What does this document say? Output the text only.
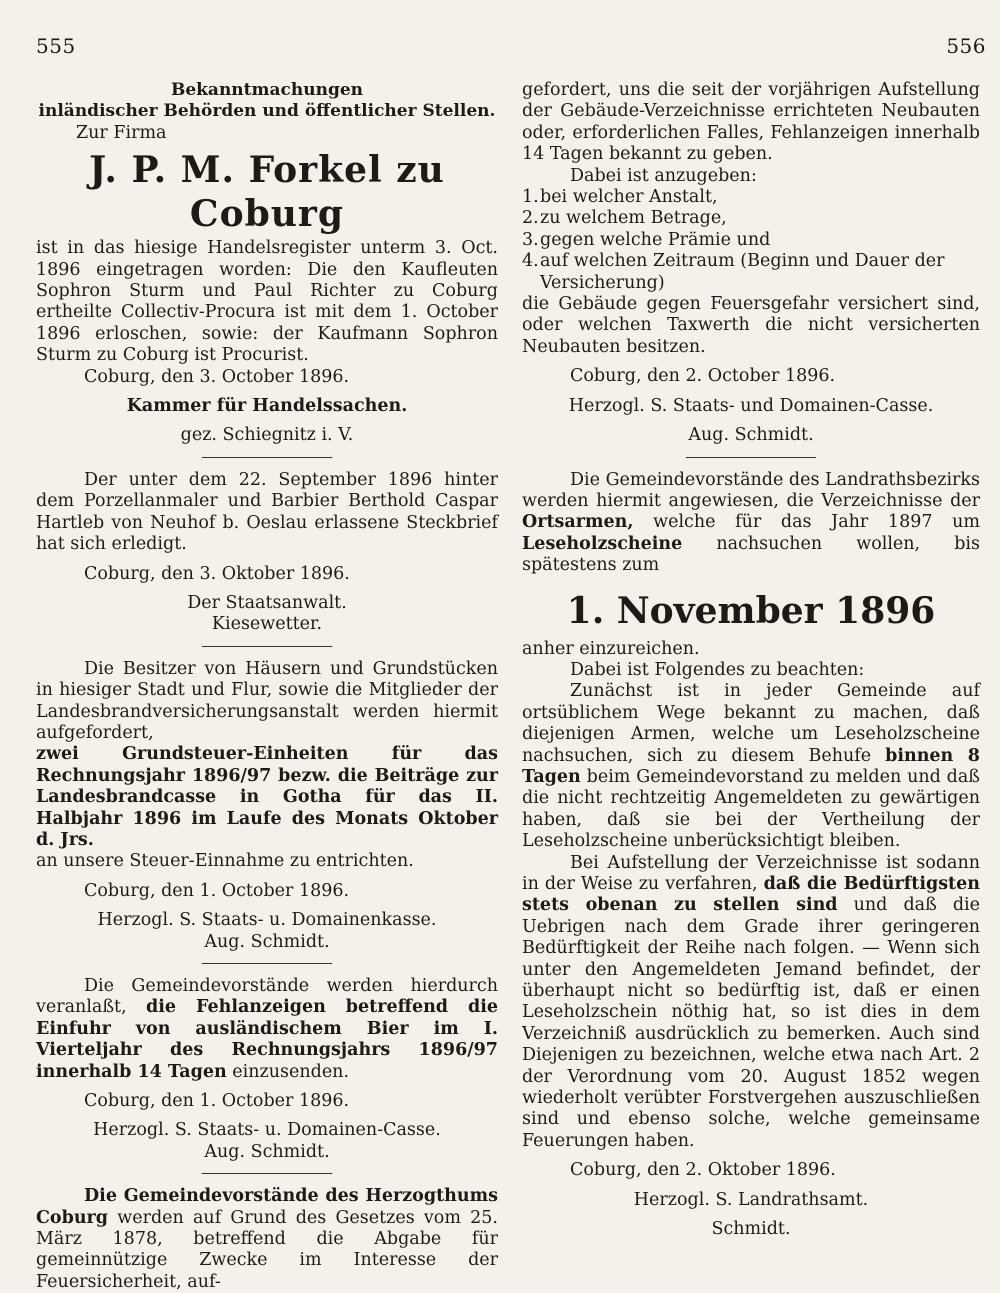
555	556

Bekanntmachungen

inländischer Behörden und öffentlicher Stellen.

Zur Firma

J. P. M. Forkel zu Coburg

ist in das hiesige Handelsregister unterm 3. Oct. 1896 eingetragen worden: Die den Kaufleuten Sophron Sturm und Paul Richter zu Coburg ertheilte Collectiv-Procura ist mit dem 1. October 1896 erloschen, sowie: der Kaufmann Sophron Sturm zu Coburg ist Procurist.

Coburg, den 3. October 1896.

Kammer für Handelssachen.

gez. Schiegnitz i. V.

Der unter dem 22. September 1896 hinter dem Porzellanmaler und Barbier Berthold Caspar Hartleb von Neuhof b. Oeslau erlassene Steckbrief hat sich erledigt.

Coburg, den 3. Oktober 1896.

Der Staatsanwalt.

Kiesewetter.

Die Besitzer von Häusern und Grundstücken in hiesiger Stadt und Flur, sowie die Mitglieder der Landesbrandversicherungsanstalt werden hiermit aufgefordert,

zwei Grundsteuer-Einheiten für das Rechnungsjahr 1896/97 bezw. die Beiträge zur Landesbrandcasse in Gotha für das II. Halbjahr 1896 im Laufe des Monats Oktober d. Jrs.

an unsere Steuer-Einnahme zu entrichten.

Coburg, den 1. October 1896.

Herzogl. S. Staats- u. Domainenkasse.

Aug. Schmidt.

Die Gemeindevorstände werden hierdurch veranlaßt, die Fehlanzeigen betreffend die Einfuhr von ausländischem Bier im I. Vierteljahr des Rechnungsjahrs 1896/97 innerhalb 14 Tagen einzusenden.

Coburg, den 1. October 1896.

Herzogl. S. Staats- u. Domainen-Casse.

Aug. Schmidt.

Die Gemeindevorstände des Herzogthums Coburg werden auf Grund des Gesetzes vom 25. März 1878, betreffend die Abgabe für gemeinnützige Zwecke im Interesse der Feuersicherheit, auf-

gefordert, uns die seit der vorjährigen Aufstellung der Gebäude-Verzeichnisse errichteten Neubauten oder, erforderlichen Falles, Fehlanzeigen innerhalb 14 Tagen bekannt zu geben.

Dabei ist anzugeben:

1. bei welcher Anstalt,
2. zu welchem Betrage,
3. gegen welche Prämie und
4. auf welchen Zeitraum (Beginn und Dauer der Versicherung)

die Gebäude gegen Feuersgefahr versichert sind, oder welchen Taxwerth die nicht versicherten Neubauten besitzen.

Coburg, den 2. October 1896.

Herzogl. S. Staats- und Domainen-Casse.

Aug. Schmidt.

Die Gemeindevorstände des Landrathsbezirks werden hiermit angewiesen, die Verzeichnisse der Ortsarmen, welche für das Jahr 1897 um Leseholzscheine nachsuchen wollen, bis spätestens zum

1. November 1896

anher einzureichen.

Dabei ist Folgendes zu beachten:

Zunächst ist in jeder Gemeinde auf ortsüblichem Wege bekannt zu machen, daß diejenigen Armen, welche um Leseholzscheine nachsuchen, sich zu diesem Behufe binnen 8 Tagen beim Gemeindevorstand zu melden und daß die nicht rechtzeitig Angemeldeten zu gewärtigen haben, daß sie bei der Vertheilung der Leseholzscheine unberücksichtigt bleiben.

Bei Aufstellung der Verzeichnisse ist sodann in der Weise zu verfahren, daß die Bedürftigsten stets obenan zu stellen sind und daß die Uebrigen nach dem Grade ihrer geringeren Bedürftigkeit der Reihe nach folgen. — Wenn sich unter den Angemeldeten Jemand befindet, der überhaupt nicht so bedürftig ist, daß er einen Leseholzschein nöthig hat, so ist dies in dem Verzeichniß ausdrücklich zu bemerken. Auch sind Diejenigen zu bezeichnen, welche etwa nach Art. 2 der Verordnung vom 20. August 1852 wegen wiederholt verübter Forstvergehen auszuschließen sind und ebenso solche, welche gemeinsame Feuerungen haben.

Coburg, den 2. Oktober 1896.

Herzogl. S. Landrathsamt.

Schmidt.
